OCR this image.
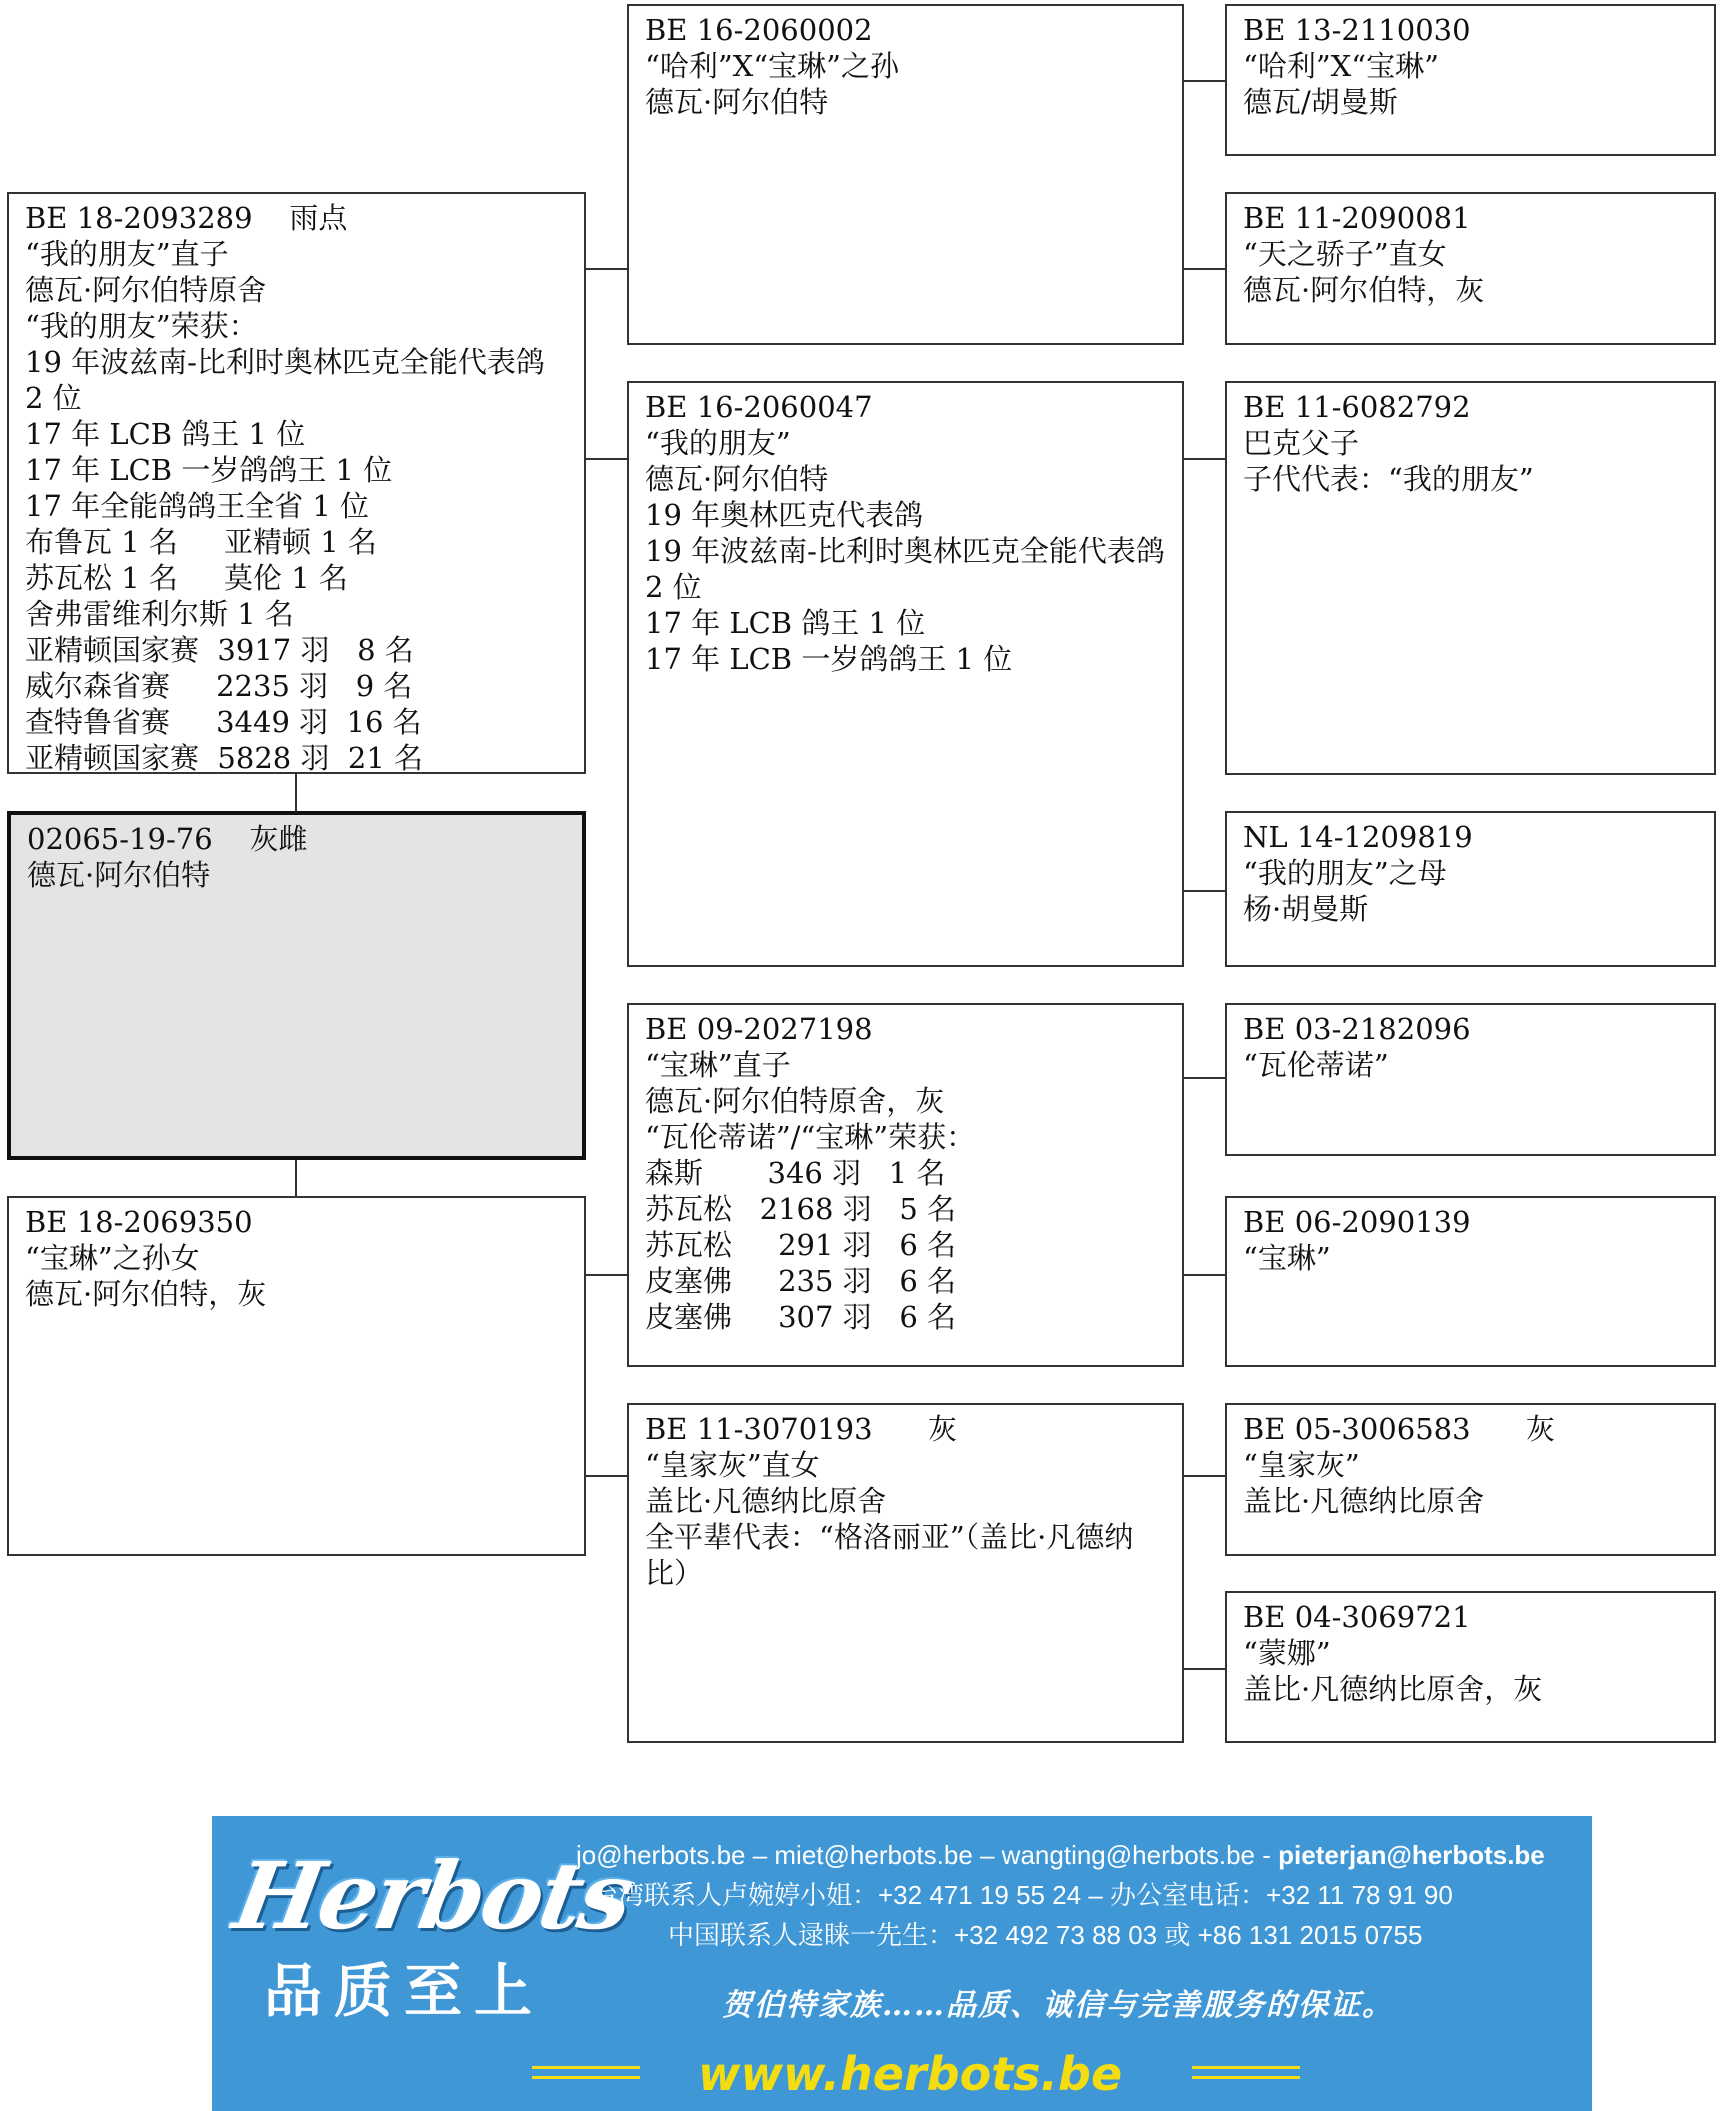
BE 18-2093289    雨点
“我的朋友”直子
德瓦·阿尔伯特原舍
“我的朋友”荣获：
19 年波兹南-比利时奥林匹克全能代表鸽 2 位
17 年 LCB 鸽王 1 位
17 年 LCB 一岁鸽鸽王 1 位
17 年全能鸽鸽王全省 1 位
布鲁瓦 1 名     亚精顿 1 名
苏瓦松 1 名     莫伦 1 名
舍弗雷维利尔斯 1 名
亚精顿国家赛  3917 羽   8 名
威尔森省赛     2235 羽   9 名
查特鲁省赛     3449 羽  16 名
亚精顿国家赛  5828 羽  21 名
02065-19-76    灰雌
德瓦·阿尔伯特
BE 18-2069350
“宝琳”之孙女
德瓦·阿尔伯特，灰
BE 16-2060002
“哈利”X“宝琳”之孙
德瓦·阿尔伯特
BE 16-2060047
“我的朋友”
德瓦·阿尔伯特
19 年奥林匹克代表鸽
19 年波兹南-比利时奥林匹克全能代表鸽 2 位
17 年 LCB 鸽王 1 位
17 年 LCB 一岁鸽鸽王 1 位
BE 09-2027198
“宝琳”直子
德瓦·阿尔伯特原舍，灰
“瓦伦蒂诺”/“宝琳”荣获：
森斯       346 羽   1 名
苏瓦松   2168 羽   5 名
苏瓦松     291 羽   6 名
皮塞佛     235 羽   6 名
皮塞佛     307 羽   6 名
BE 11-3070193      灰
“皇家灰”直女
盖比·凡德纳比原舍
全平辈代表：“格洛丽亚”（盖比·凡德纳比）
BE 13-2110030
“哈利”X“宝琳”
德瓦/胡曼斯
BE 11-2090081
“天之骄子”直女
德瓦·阿尔伯特，灰
BE 11-6082792
巴克父子
子代代表：“我的朋友”
NL 14-1209819
“我的朋友”之母
杨·胡曼斯
BE 03-2182096
“瓦伦蒂诺”
BE 06-2090139
“宝琳”
BE 05-3006583      灰
“皇家灰”
盖比·凡德纳比原舍
BE 04-3069721
“蒙娜”
盖比·凡德纳比原舍，灰
Herbots
品质至上
jo@herbots.be – miet@herbots.be – wangting@herbots.be - pieterjan@herbots.be
台湾联系人卢婉婷小姐：+32 471 19 55 24 – 办公室电话：+32 11 78 91 90
中国联系人逯睐一先生：+32 492 73 88 03 或 +86 131 2015 0755
贺伯特家族……品质、诚信与完善服务的保证。
www.herbots.be
